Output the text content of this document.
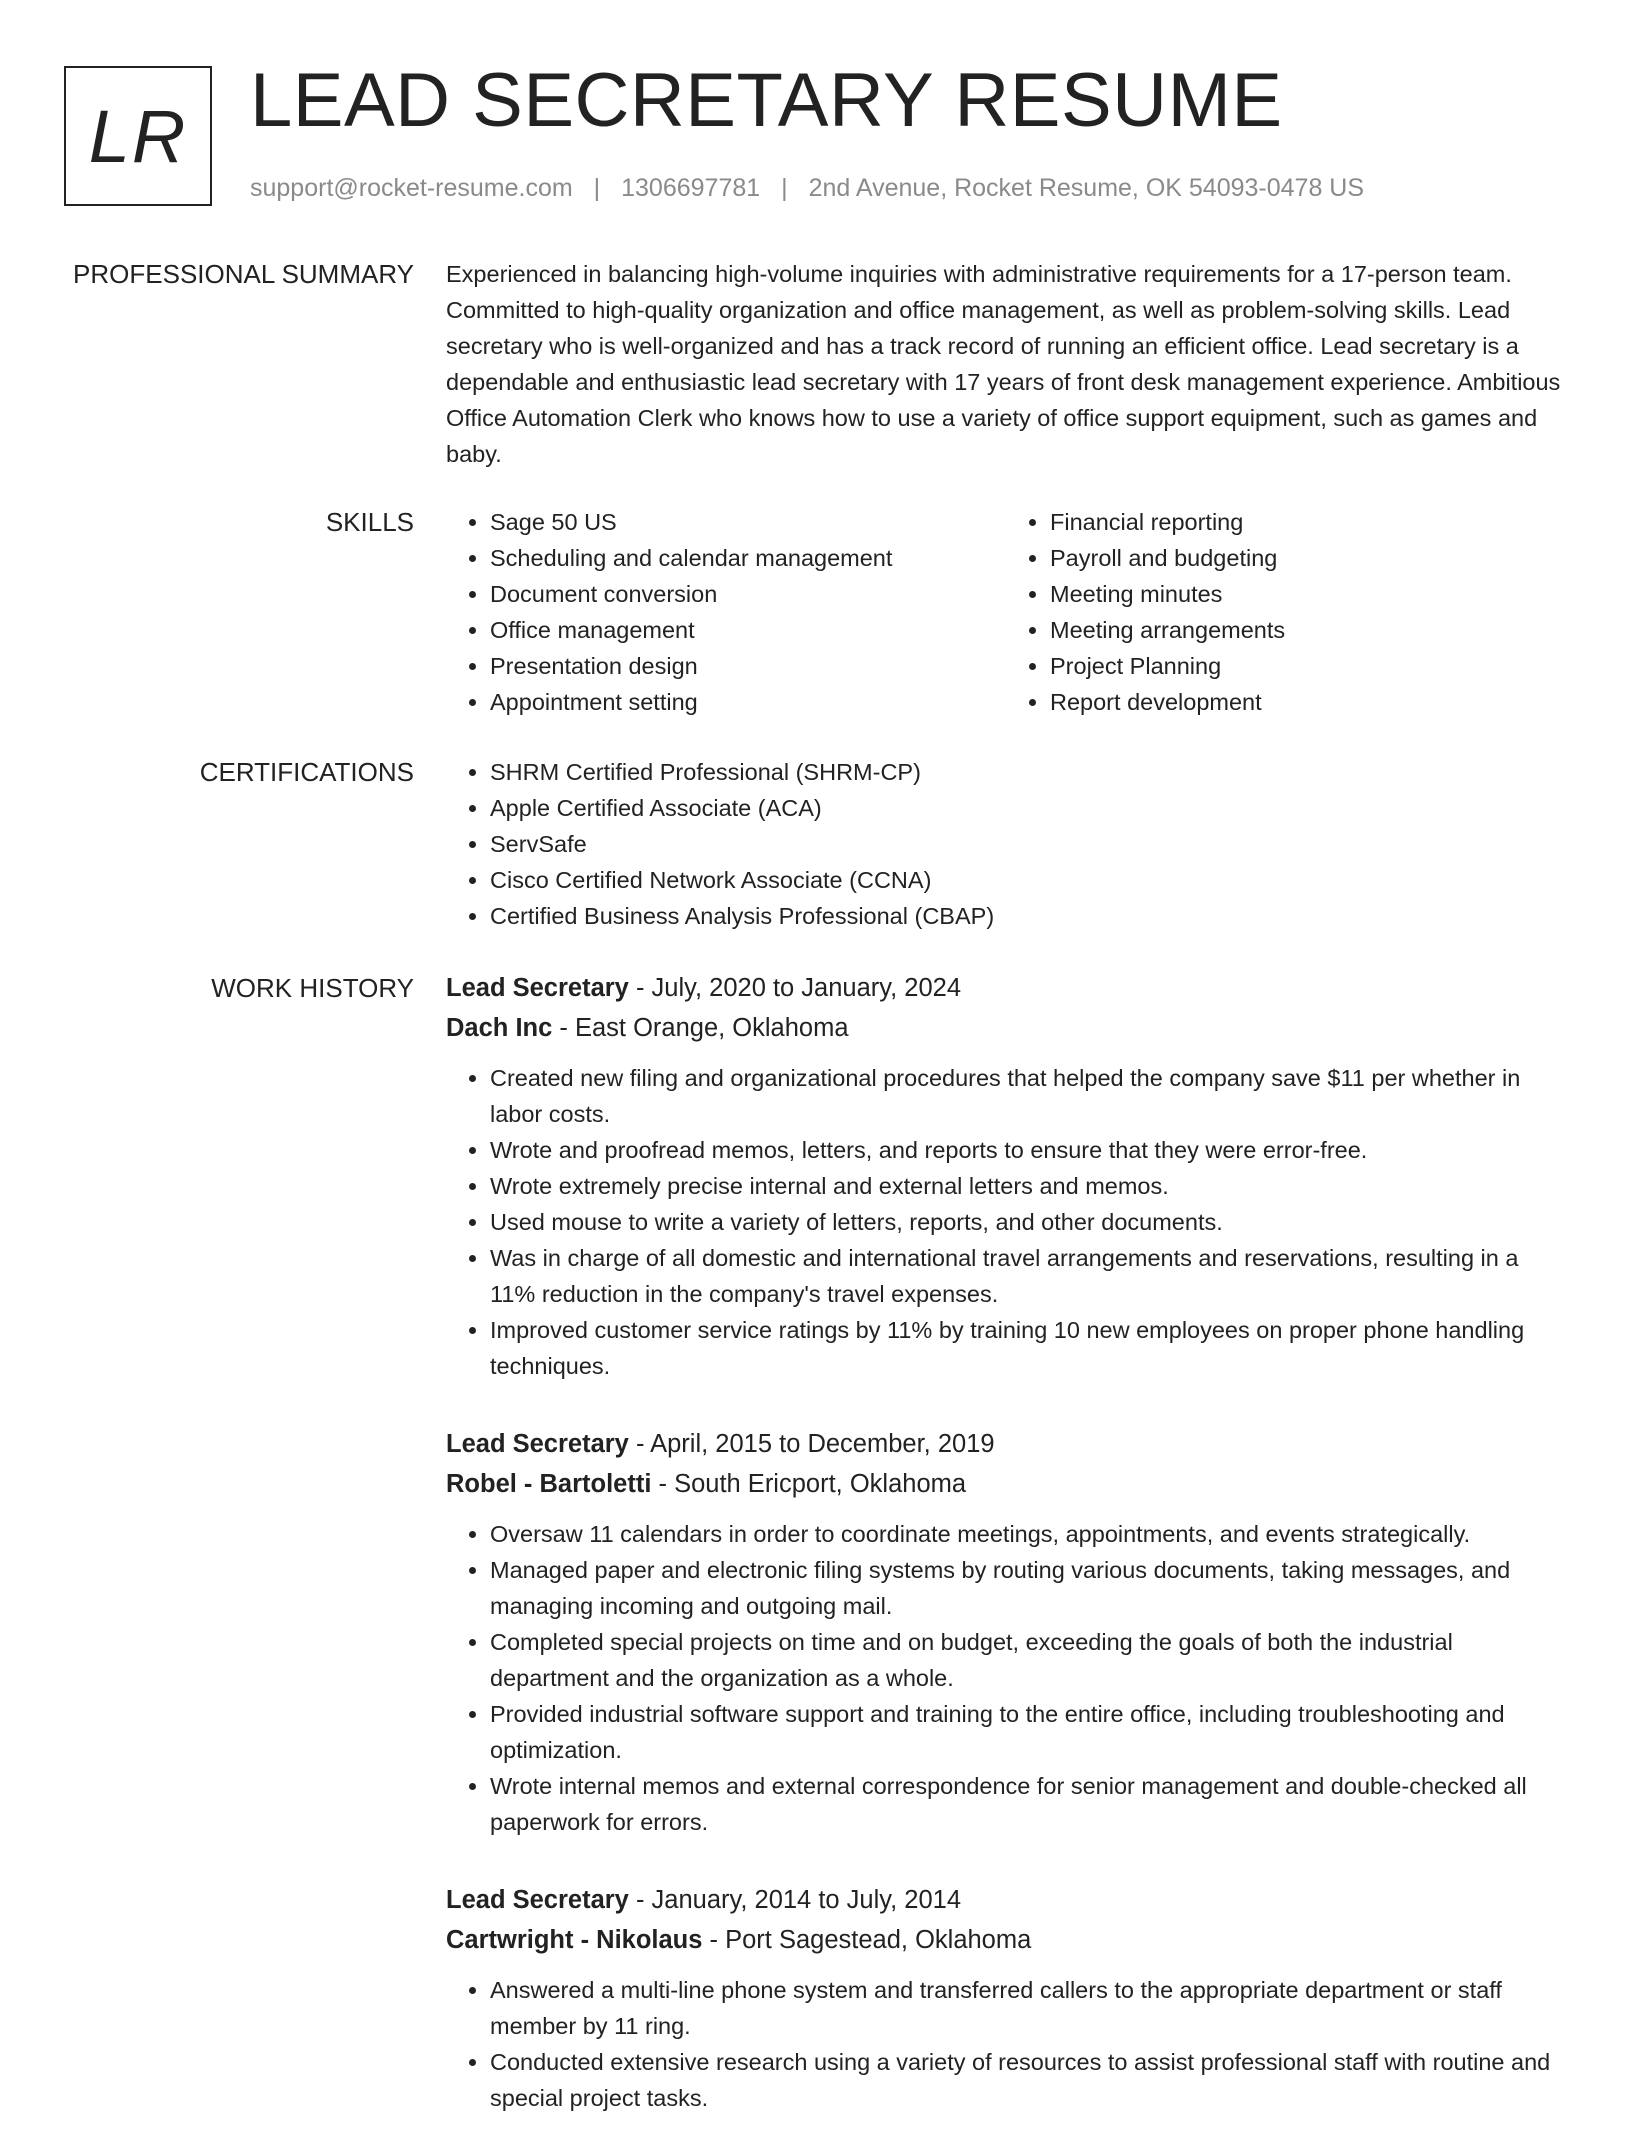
LR LEAD SECRETARY RESUME
support@rocket-resume.com | 1306697781 | 2nd Avenue, Rocket Resume, OK 54093-0478 US
PROFESSIONAL SUMMARY Experienced in balancing high-volume inquiries with administrative requirements for a 17-person team. Committed to high-quality organization and office management, as well as problem-solving skills. Lead secretary who is well-organized and has a track record of running an efficient office. Lead secretary is a dependable and enthusiastic lead secretary with 17 years of front desk management experience. Ambitious Office Automation Clerk who knows how to use a variety of office support equipment, such as games and baby.

SKILLS	• Sage 50 US
• Scheduling and calendar management
• Document conversion
• Office management
• Presentation design
• Appointment setting
• Financial reporting
• Payroll and budgeting
• Meeting minutes
• Meeting arrangements
• Project Planning
• Report development
CERTIFICATIONS	• SHRM Certified Professional (SHRM-CP)
• Apple Certified Associate (ACA)
• ServSafe
• Cisco Certified Network Associate (CCNA)
• Certified Business Analysis Professional (CBAP)
WORK HISTORY Lead Secretary - July, 2020 to January, 2024
Dach Inc - East Orange, Oklahoma
• Created new filing and organizational procedures that helped the company save $11 per whether in labor costs.
• Wrote and proofread memos, letters, and reports to ensure that they were error-free.
• Wrote extremely precise internal and external letters and memos.
• Used mouse to write a variety of letters, reports, and other documents.
• Was in charge of all domestic and international travel arrangements and reservations, resulting in a 11% reduction in the company's travel expenses.
• Improved customer service ratings by 11% by training 10 new employees on proper phone handling techniques.
Lead Secretary - April, 2015 to December, 2019
Robel - Bartoletti - South Ericport, Oklahoma
• Oversaw 11 calendars in order to coordinate meetings, appointments, and events strategically.
• Managed paper and electronic filing systems by routing various documents, taking messages, and managing incoming and outgoing mail.
• Completed special projects on time and on budget, exceeding the goals of both the industrial department and the organization as a whole.
• Provided industrial software support and training to the entire office, including troubleshooting and optimization.
• Wrote internal memos and external correspondence for senior management and double-checked all paperwork for errors.
Lead Secretary - January, 2014 to July, 2014
Cartwright - Nikolaus - Port Sagestead, Oklahoma
• Answered a multi-line phone system and transferred callers to the appropriate department or staff member by 11 ring.
• Conducted extensive research using a variety of resources to assist professional staff with routine and special project tasks.
